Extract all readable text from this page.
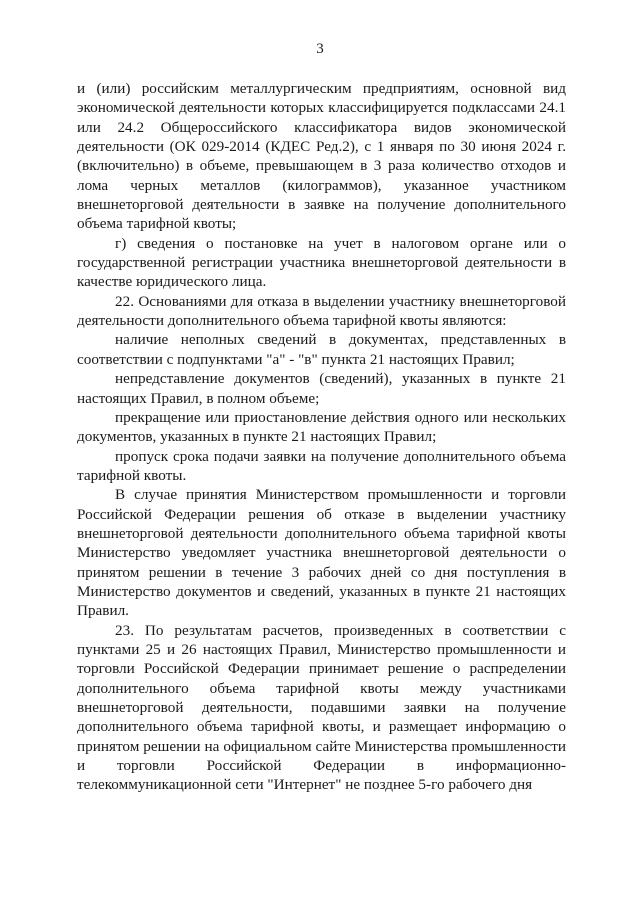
3

и (или) российским металлургическим предприятиям, основной вид экономической деятельности которых классифицируется подклассами 24.1 или 24.2 Общероссийского классификатора видов экономической деятельности (ОК 029-2014 (КДЕС Ред.2), с 1 января по 30 июня 2024 г. (включительно) в объеме, превышающем в 3 раза количество отходов и лома черных металлов (килограммов), указанное участником внешнеторговой деятельности в заявке на получение дополнительного объема тарифной квоты;

г) сведения о постановке на учет в налоговом органе или о государственной регистрации участника внешнеторговой деятельности в качестве юридического лица.

22. Основаниями для отказа в выделении участнику внешнеторговой деятельности дополнительного объема тарифной квоты являются:

наличие неполных сведений в документах, представленных в соответствии с подпунктами "а" - "в" пункта 21 настоящих Правил;

непредставление документов (сведений), указанных в пункте 21 настоящих Правил, в полном объеме;

прекращение или приостановление действия одного или нескольких документов, указанных в пункте 21 настоящих Правил;

пропуск срока подачи заявки на получение дополнительного объема тарифной квоты.

В случае принятия Министерством промышленности и торговли Российской Федерации решения об отказе в выделении участнику внешнеторговой деятельности дополнительного объема тарифной квоты Министерство уведомляет участника внешнеторговой деятельности о принятом решении в течение 3 рабочих дней со дня поступления в Министерство документов и сведений, указанных в пункте 21 настоящих Правил.

23. По результатам расчетов, произведенных в соответствии с пунктами 25 и 26 настоящих Правил, Министерство промышленности и торговли Российской Федерации принимает решение о распределении дополнительного объема тарифной квоты между участниками внешнеторговой деятельности, подавшими заявки на получение дополнительного объема тарифной квоты, и размещает информацию о принятом решении на официальном сайте Министерства промышленности и торговли Российской Федерации в информационно-телекоммуникационной сети "Интернет" не позднее 5-го рабочего дня
